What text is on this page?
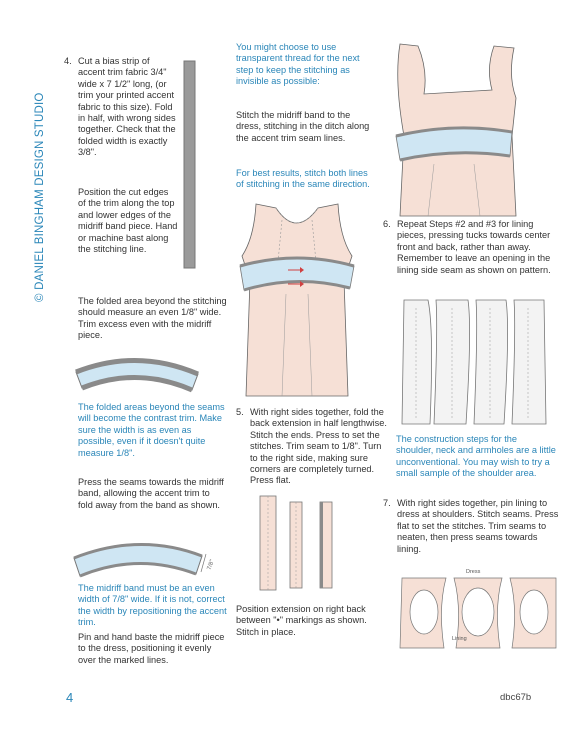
© DANIEL BINGHAM DESIGN STUDIO
4. Cut a bias strip of accent trim fabric 3/4" wide x 7 1/2" long, (or trim your printed accent fabric to this size). Fold in half, with wrong sides together. Check that the folded width is exactly 3/8".

Position the cut edges of the trim along the top and lower edges of the midriff band piece. Hand or machine bast along the stitching line.

The folded area beyond the stitching should measure an even 1/8" wide. Trim excess even with the midriff piece.

The folded areas beyond the seams will become the contrast trim. Make sure the width is as even as possible, even if it doesn't quite measure 1/8".

Press the seams towards the midriff band, allowing the accent trim to fold away from the band as shown.

7/8"

The midriff band must be an even width of 7/8" wide. If it is not, correct the width by repositioning the accent trim.

Pin and hand baste the midriff piece to the dress, positioning it evenly over the marked lines.

You might choose to use transparent thread for the next step to keep the stitching as invisible as possible:

Stitch the midriff band to the dress, stitching in the ditch along the accent trim seam lines.

For best results, stitch both lines of stitching in the same direction.

5. With right sides together, fold the back extension in half lengthwise. Stitch the ends. Press to set the stitches. Trim seam to 1/8". Turn to the right side, making sure corners are completely turned. Press flat.

Position extension on right back between "•" markings as shown. Stitch in place.

6. Repeat Steps #2 and #3 for lining pieces, pressing tucks towards center front and back, rather than away. Remember to leave an opening in the lining side seam as shown on pattern.

The construction steps for the shoulder, neck and armholes are a little unconventional. You may wish to try a small sample of the shoulder area.

7. With right sides together, pin lining to dress at shoulders. Stitch seams. Press flat to set the stitches. Trim seams to neaten, then press seams towards lining.

Dress
Lining
4	dbc67b
